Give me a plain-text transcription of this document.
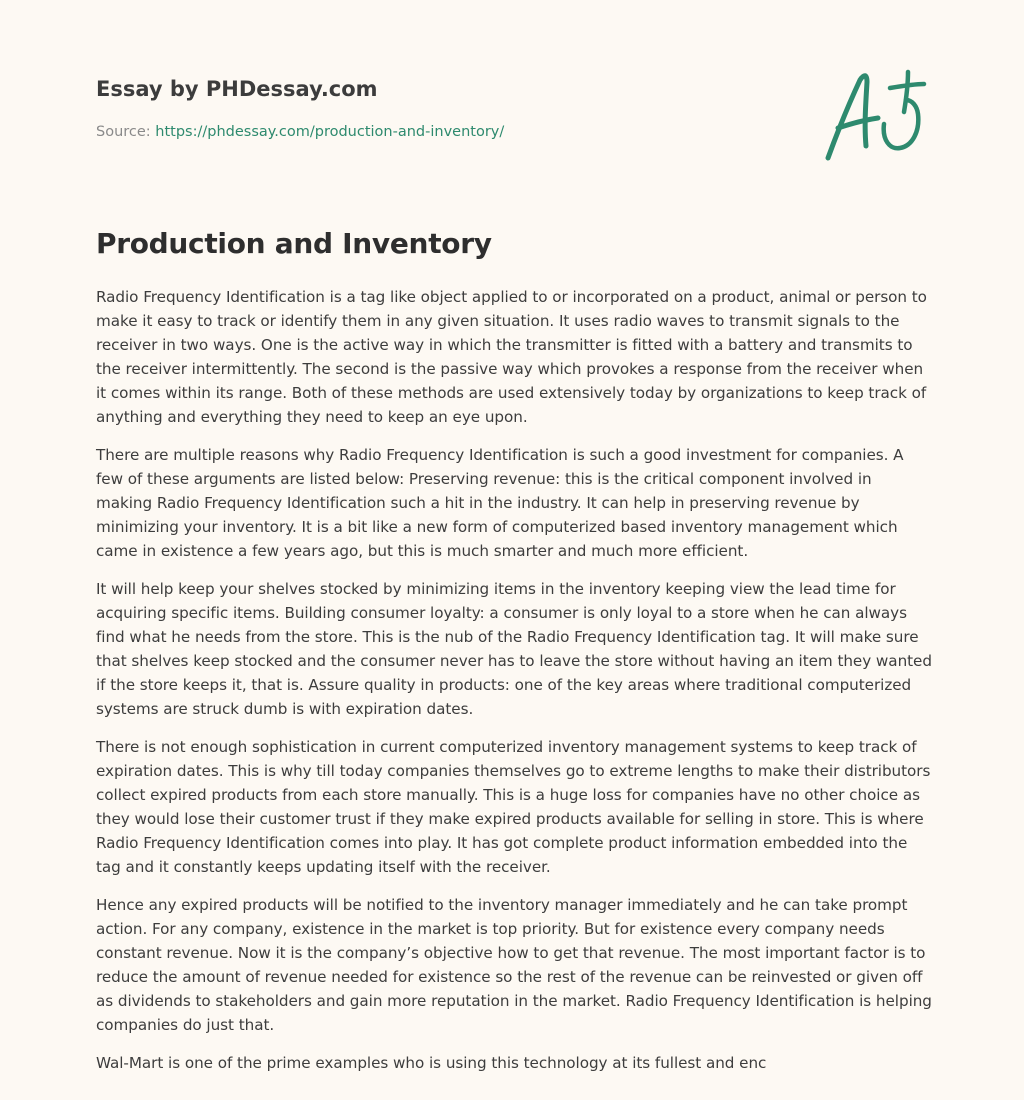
Essay by PHDessay.com
Source: https://phdessay.com/production-and-inventory/
Production and Inventory

Radio Frequency Identification is a tag like object applied to or incorporated on a product, animal or person to make it easy to track or identify them in any given situation. It uses radio waves to transmit signals to the receiver in two ways. One is the active way in which the transmitter is fitted with a battery and transmits to the receiver intermittently. The second is the passive way which provokes a response from the receiver when it comes within its range. Both of these methods are used extensively today by organizations to keep track of anything and everything they need to keep an eye upon.

There are multiple reasons why Radio Frequency Identification is such a good investment for companies. A few of these arguments are listed below: Preserving revenue: this is the critical component involved in making Radio Frequency Identification such a hit in the industry. It can help in preserving revenue by minimizing your inventory. It is a bit like a new form of computerized based inventory management which came in existence a few years ago, but this is much smarter and much more efficient.

It will help keep your shelves stocked by minimizing items in the inventory keeping view the lead time for acquiring specific items. Building consumer loyalty: a consumer is only loyal to a store when he can always find what he needs from the store. This is the nub of the Radio Frequency Identification tag. It will make sure that shelves keep stocked and the consumer never has to leave the store without having an item they wanted if the store keeps it, that is. Assure quality in products: one of the key areas where traditional computerized systems are struck dumb is with expiration dates.

There is not enough sophistication in current computerized inventory management systems to keep track of expiration dates. This is why till today companies themselves go to extreme lengths to make their distributors collect expired products from each store manually. This is a huge loss for companies have no other choice as they would lose their customer trust if they make expired products available for selling in store. This is where Radio Frequency Identification comes into play. It has got complete product information embedded into the tag and it constantly keeps updating itself with the receiver.

Hence any expired products will be notified to the inventory manager immediately and he can take prompt action. For any company, existence in the market is top priority. But for existence every company needs constant revenue. Now it is the company’s objective how to get that revenue. The most important factor is to reduce the amount of revenue needed for existence so the rest of the revenue can be reinvested or given off as dividends to stakeholders and gain more reputation in the market. Radio Frequency Identification is helping companies do just that.

Wal-Mart is one of the prime examples who is using this technology at its fullest and enc
